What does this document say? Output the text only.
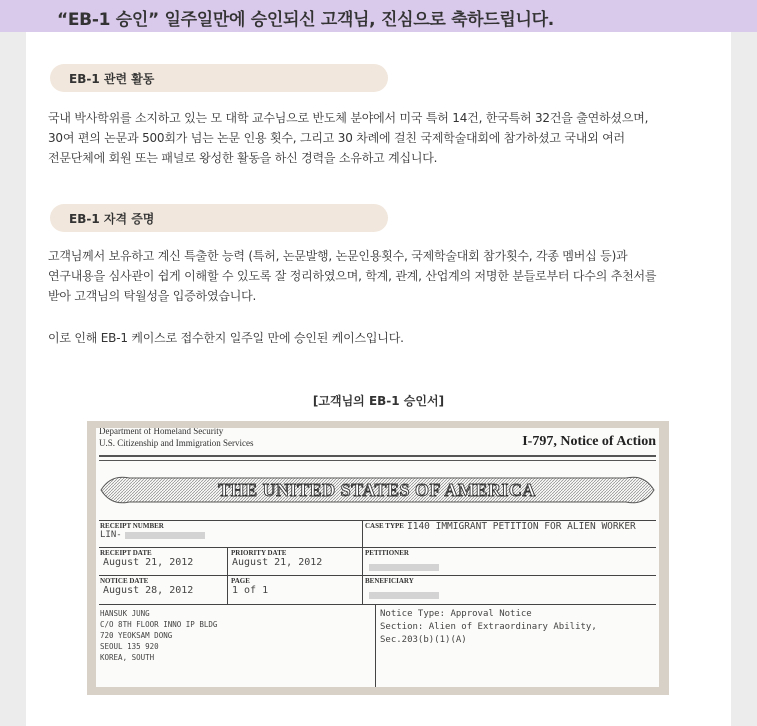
“EB-1 승인” 일주일만에 승인되신 고객님, 진심으로 축하드립니다.
EB-1 관련 활동
국내 박사학위를 소지하고 있는 모 대학 교수님으로 반도체 분야에서 미국 특허 14건, 한국특허 32건을 출연하셨으며,
30여 편의 논문과 500회가 넘는 논문 인용 횟수, 그리고 30 차례에 걸친 국제학술대회에 참가하셨고 국내외 여러
전문단체에 회원 또는 패널로 왕성한 활동을 하신 경력을 소유하고 계십니다.
EB-1 자격 증명
고객님께서 보유하고 계신 특출한 능력 (특허, 논문발행, 논문인용횟수, 국제학술대회 참가횟수, 각종 멤버십 등)과
연구내용을 심사관이 쉽게 이해할 수 있도록 잘 정리하였으며, 학계, 관계, 산업계의 저명한 분들로부터 다수의 추천서를
받아 고객님의 탁월성을 입증하였습니다.
이로 인해 EB-1 케이스로 접수한지 일주일 만에 승인된 케이스입니다.
[고객님의 EB-1 승인서]
Department of Homeland Security
U.S. Citizenship and Immigration Services	I-797, Notice of Action
THE UNITED STATES OF AMERICA
RECEIPT NUMBER
LIN-
CASE TYPE I140 IMMIGRANT PETITION FOR ALIEN WORKER
RECEIPT DATE
August 21, 2012
PRIORITY DATE
August 21, 2012
PETITIONER
NOTICE DATE
August 28, 2012
PAGE
1 of 1
BENEFICIARY
HANSUK JUNG
C/O 8TH FLOOR INNO IP BLDG
720 YEOKSAM DONG
SEOUL 135 920
KOREA, SOUTH
Notice Type: Approval Notice
Section: Alien of Extraordinary Ability,
Sec.203(b)(1)(A)
